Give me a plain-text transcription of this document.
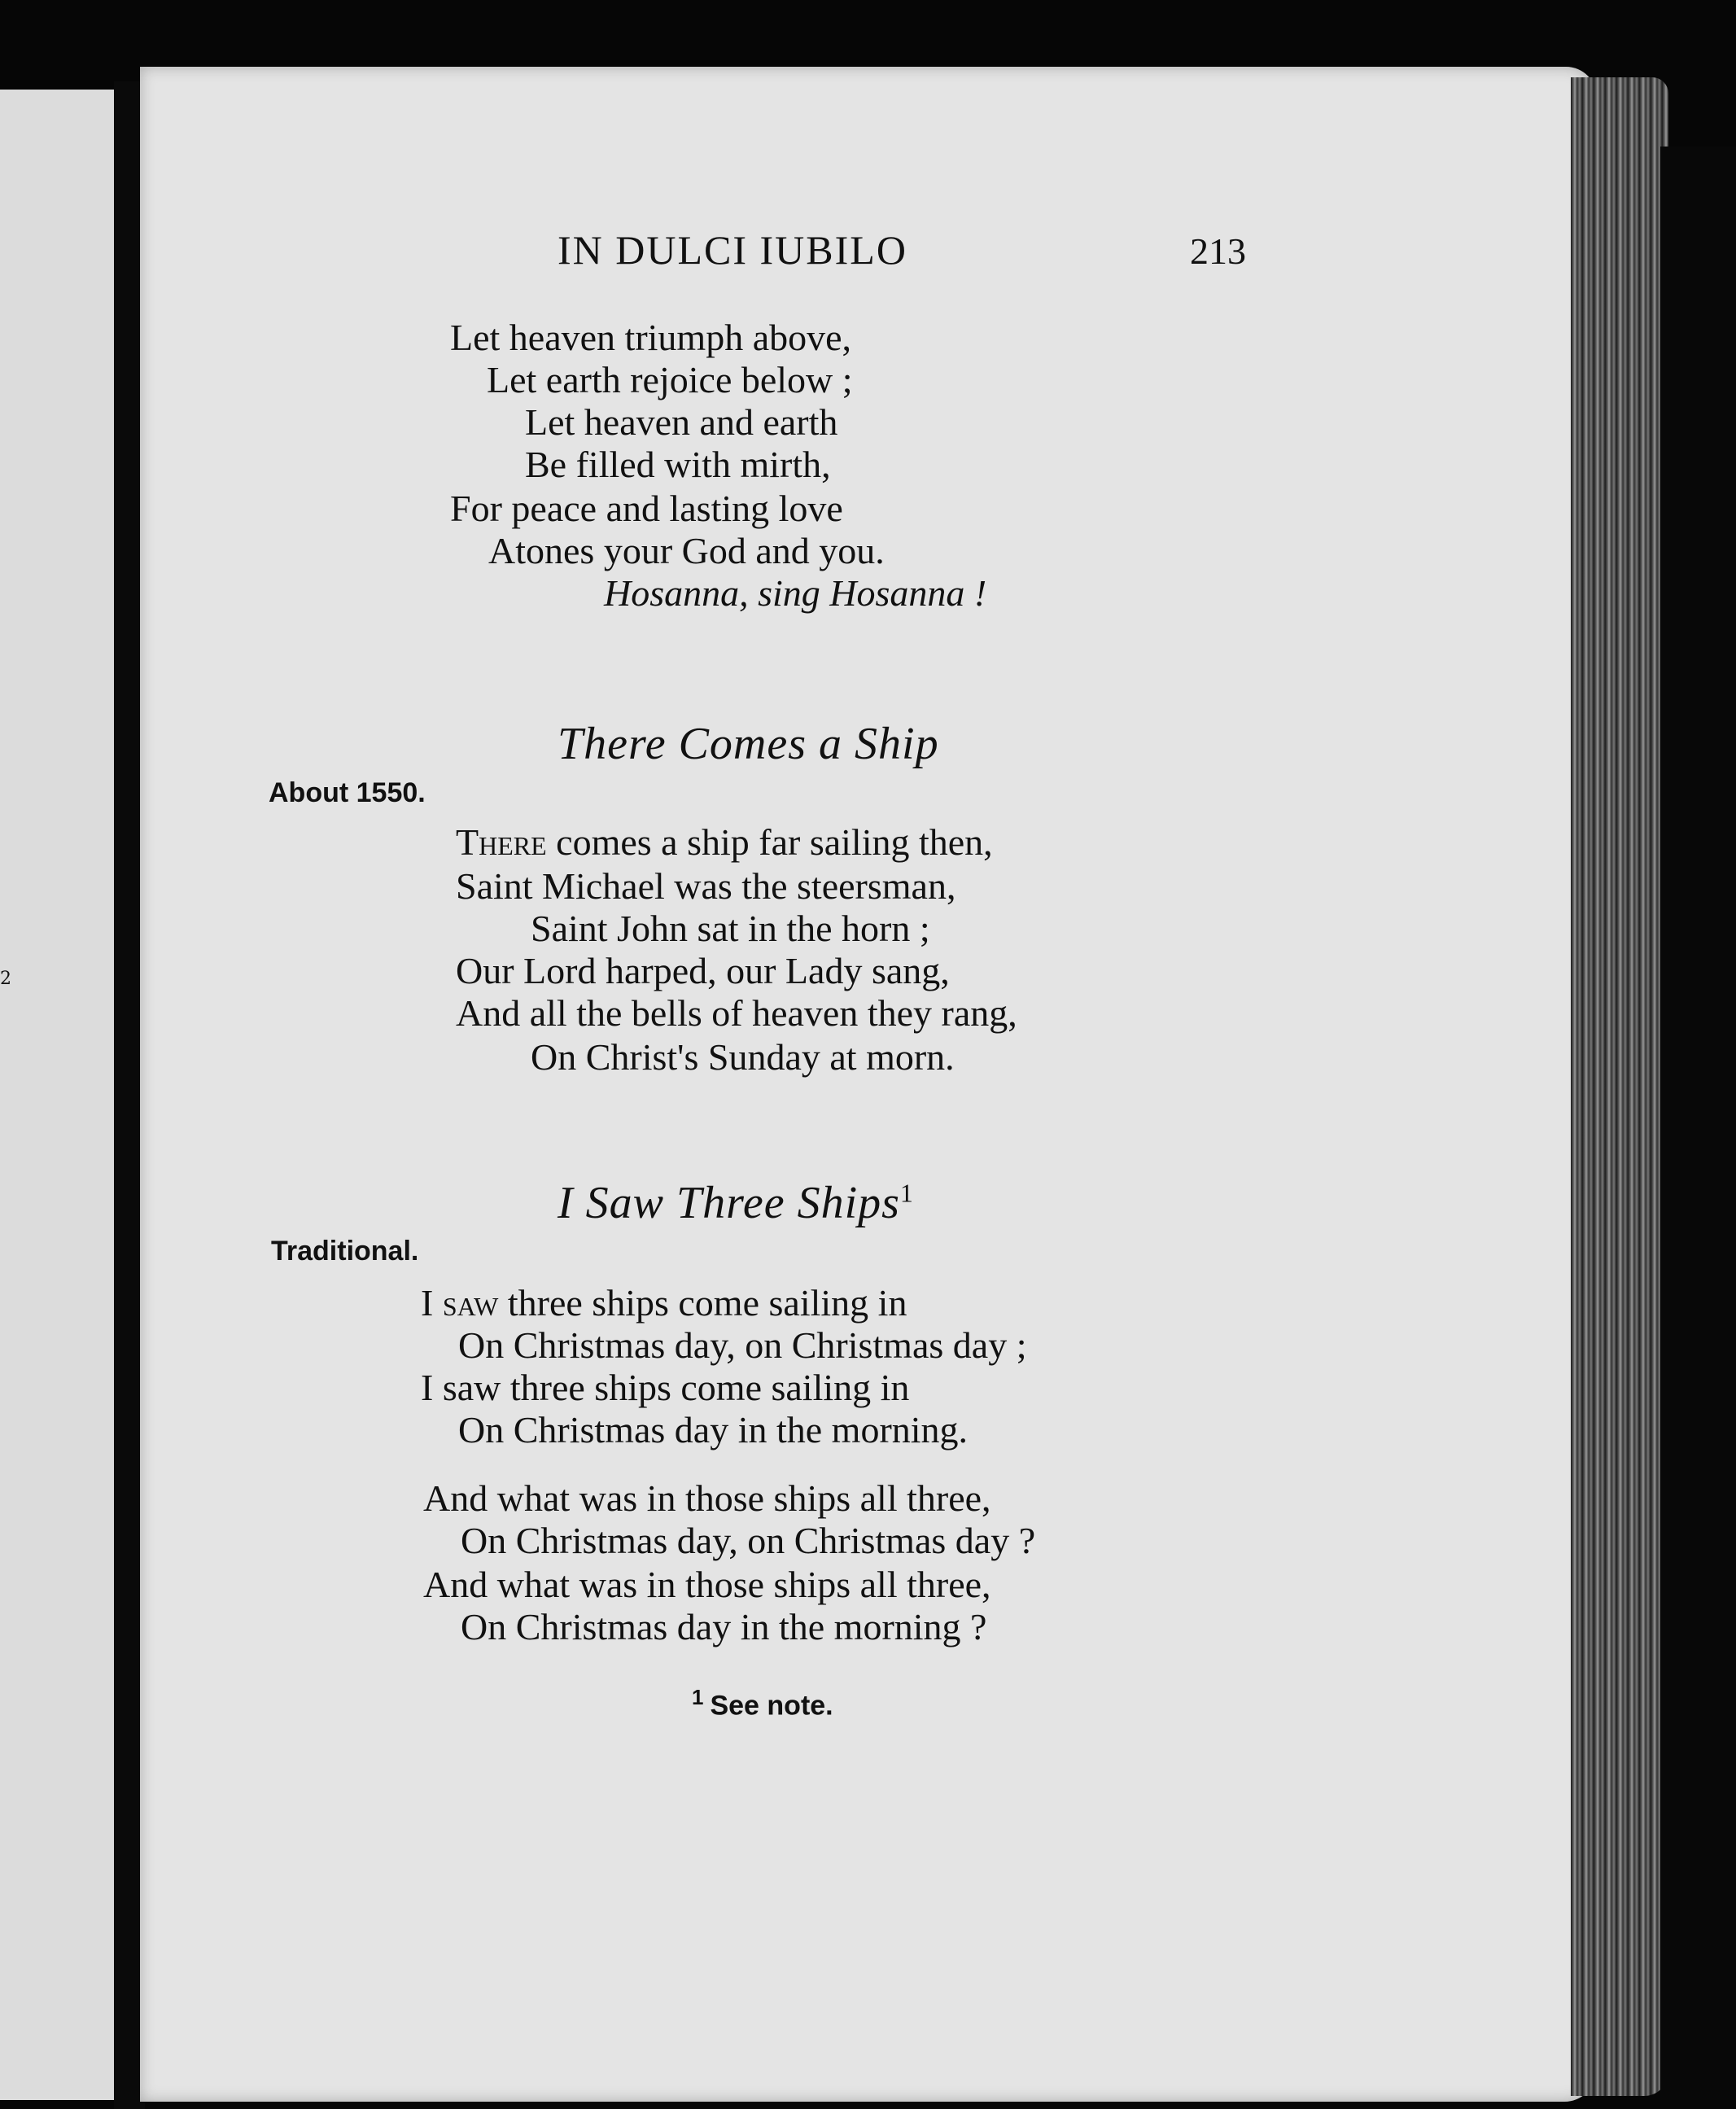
2
IN DULCI IUBILO	213
Let heaven triumph above,
Let earth rejoice below ;
Let heaven and earth
Be filled with mirth,
For peace and lasting love
Atones your God and you.
Hosanna, sing Hosanna !
There Comes a Ship
About 1550.
There comes a ship far sailing then,
Saint Michael was the steersman,
Saint John sat in the horn ;
Our Lord harped, our Lady sang,
And all the bells of heaven they rang,
On Christ's Sunday at morn.
I Saw Three Ships$^1$
Traditional.
I saw three ships come sailing in
On Christmas day, on Christmas day ;
I saw three ships come sailing in
On Christmas day in the morning.
And what was in those ships all three,
On Christmas day, on Christmas day ?
And what was in those ships all three,
On Christmas day in the morning ?
$^1$ See note.
